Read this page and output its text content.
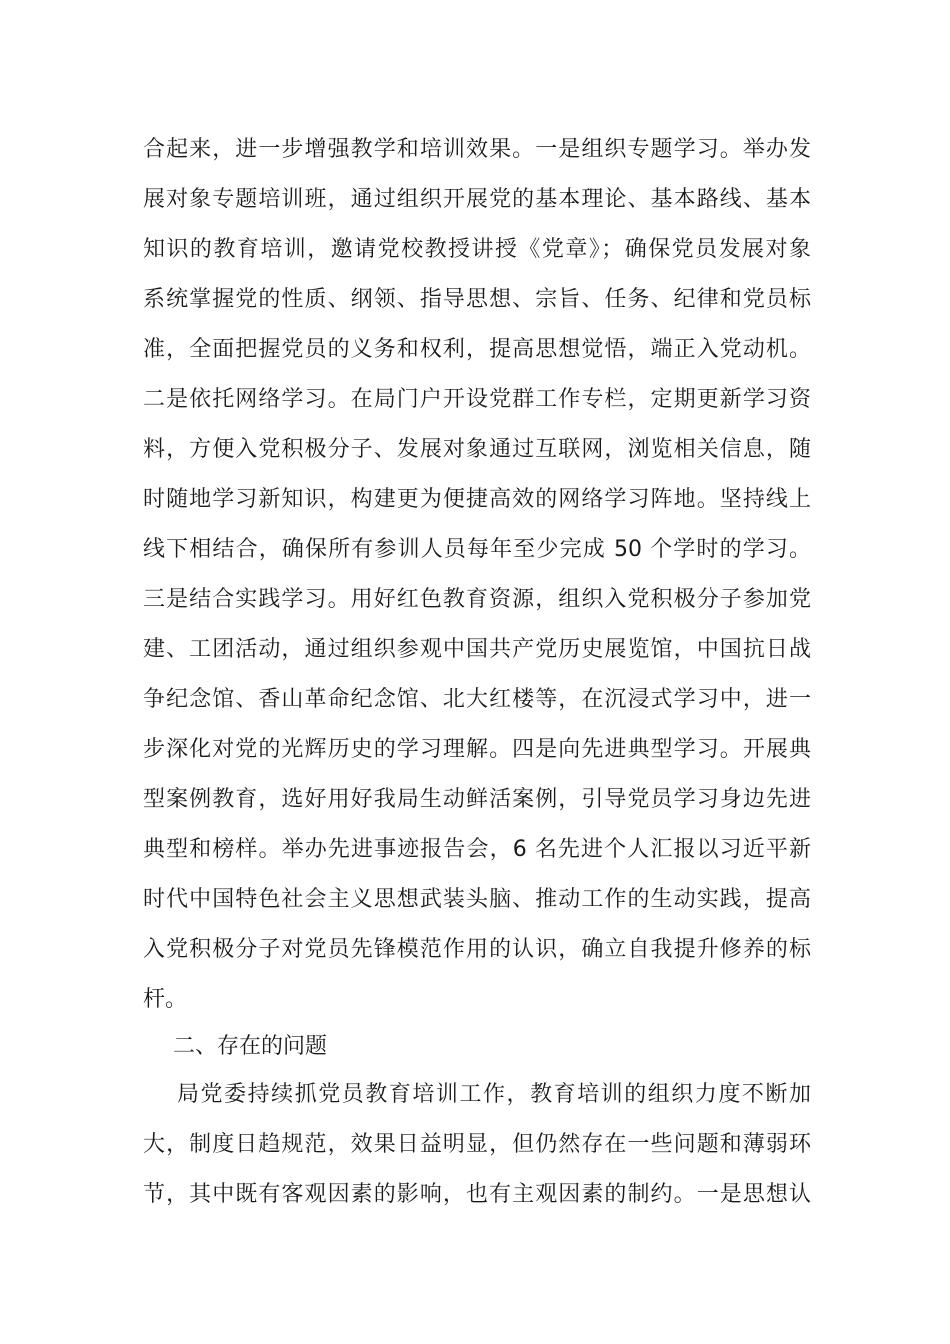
合起来，进一步增强教学和培训效果。一是组织专题学习。举办发
展对象专题培训班，通过组织开展党的基本理论、基本路线、基本
知识的教育培训，邀请党校教授讲授《党章》；确保党员发展对象
系统掌握党的性质、纲领、指导思想、宗旨、任务、纪律和党员标
准，全面把握党员的义务和权利，提高思想觉悟，端正入党动机。
二是依托网络学习。在局门户开设党群工作专栏，定期更新学习资
料，方便入党积极分子、发展对象通过互联网，浏览相关信息，随
时随地学习新知识，构建更为便捷高效的网络学习阵地。坚持线上
线下相结合，确保所有参训人员每年至少完成 50 个学时的学习。
三是结合实践学习。用好红色教育资源，组织入党积极分子参加党
建、工团活动，通过组织参观中国共产党历史展览馆，中国抗日战
争纪念馆、香山革命纪念馆、北大红楼等，在沉浸式学习中，进一
步深化对党的光辉历史的学习理解。四是向先进典型学习。开展典
型案例教育，选好用好我局生动鲜活案例，引导党员学习身边先进
典型和榜样。举办先进事迹报告会，6 名先进个人汇报以习近平新
时代中国特色社会主义思想武装头脑、推动工作的生动实践，提高
入党积极分子对党员先锋模范作用的认识，确立自我提升修养的标
杆。
二、存在的问题
局党委持续抓党员教育培训工作，教育培训的组织力度不断加
大，制度日趋规范，效果日益明显，但仍然存在一些问题和薄弱环
节，其中既有客观因素的影响，也有主观因素的制约。一是思想认
